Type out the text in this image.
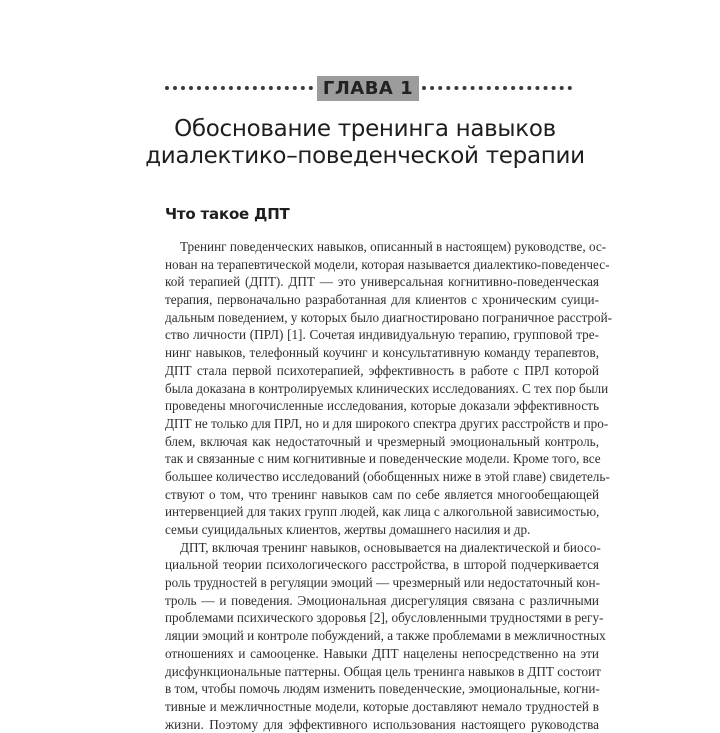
ГЛАВА 1
Обоснование тренинга навыков
диалектико–поведенческой терапии
Что такое ДПТ
Тренинг поведенческих навыков, описанный в настоящем) руководстве, ос-
нован на терапевтической модели, которая называется диалектико-поведенчес-
кой терапией (ДПТ). ДПТ — это универсальная когнитивно-поведенческая
терапия, первоначально разработанная для клиентов с хроническим суици-
дальным поведением, у которых было диагностировано пограничное расстрой-
ство личности (ПРЛ) [1]. Сочетая индивидуальную терапию, групповой тре-
нинг навыков, телефонный коучинг и консультативную команду терапевтов,
ДПТ стала первой психотерапией, эффективность в работе с ПРЛ которой
была доказана в контролируемых клинических исследованиях. С тех пор были
проведены многочисленные исследования, которые доказали эффективность
ДПТ не только для ПРЛ, но и для широкого спектра других расстройств и про-
блем, включая как недостаточный и чрезмерный эмоциональный контроль,
так и связанные с ним когнитивные и поведенческие модели. Кроме того, все
большее количество исследований (обобщенных ниже в этой главе) свидетель-
ствуют о том, что тренинг навыков сам по себе является многообещающей
интервенцией для таких групп людей, как лица с алкогольной зависимостью,
семьи суицидальных клиентов, жертвы домашнего насилия и др.
ДПТ, включая тренинг навыков, основывается на диалектической и биосо-
циальной теории психологического расстройства, в шторой подчеркивается
роль трудностей в регуляции эмоций — чрезмерный или недостаточный кон-
троль — и поведения. Эмоциональная дисрегуляция связана с различными
проблемами психического здоровья [2], обусловленными трудностями в регу-
ляции эмоций и контроле побуждений, а также проблемами в межличностных
отношениях и самооценке. Навыки ДПТ нацелены непосредственно на эти
дисфункциональные паттерны. Общая цель тренинга навыков в ДПТ состоит
в том, чтобы помочь людям изменить поведенческие, эмоциональные, когни-
тивные и межличностные модели, которые доставляют немало трудностей в
жизни. Поэтому для эффективного использования настоящего руководства
